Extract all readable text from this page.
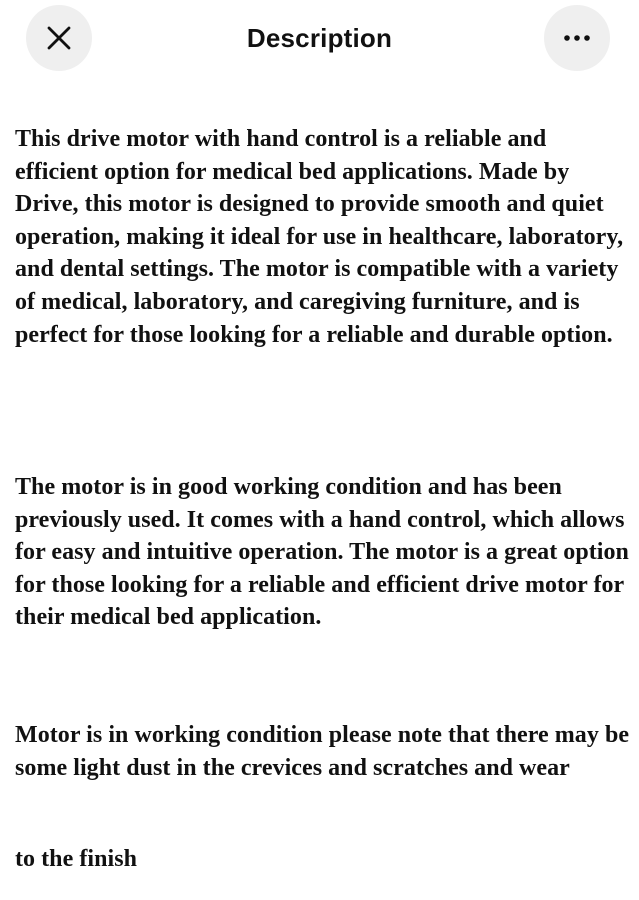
Description

This drive motor with hand control is a reliable and efficient option for medical bed applications. Made by Drive, this motor is designed to provide smooth and quiet operation, making it ideal for use in healthcare, laboratory, and dental settings. The motor is compatible with a variety of medical, laboratory, and caregiving furniture, and is perfect for those looking for a reliable and durable option.

The motor is in good working condition and has been previously used. It comes with a hand control, which allows for easy and intuitive operation. The motor is a great option for those looking for a reliable and efficient drive motor for their medical bed application.

Motor is in working condition please note that there may be some light dust in the crevices and scratches and wear

to the finish
